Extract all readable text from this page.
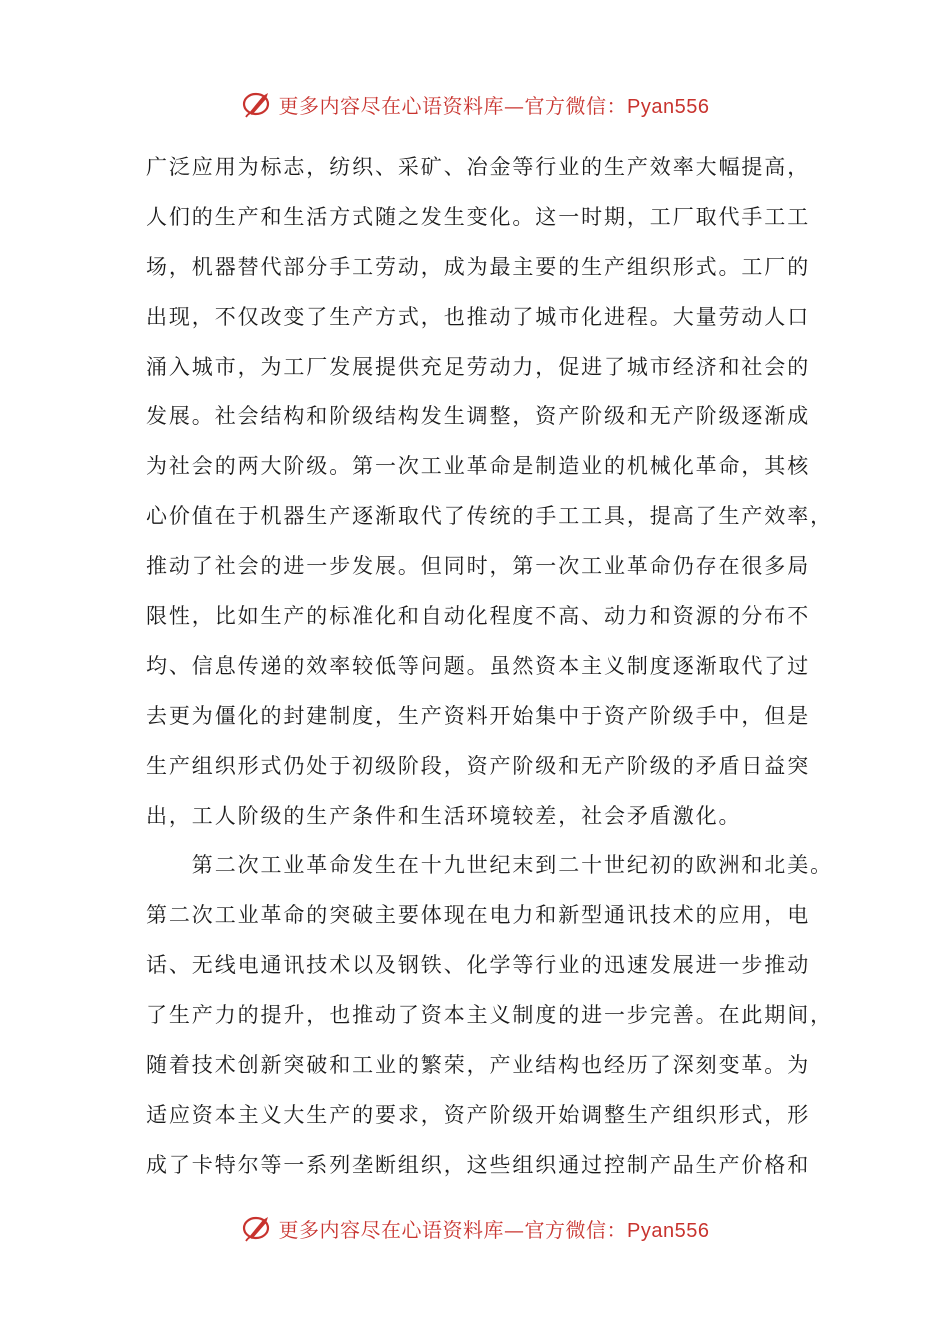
更多内容尽在心语资料库—官方微信：Pyan556
广泛应用为标志，纺织、采矿、冶金等行业的生产效率大幅提高，
人们的生产和生活方式随之发生变化。这一时期，工厂取代手工工
场，机器替代部分手工劳动，成为最主要的生产组织形式。工厂的
出现，不仅改变了生产方式，也推动了城市化进程。大量劳动人口
涌入城市，为工厂发展提供充足劳动力，促进了城市经济和社会的
发展。社会结构和阶级结构发生调整，资产阶级和无产阶级逐渐成
为社会的两大阶级。第一次工业革命是制造业的机械化革命，其核
心价值在于机器生产逐渐取代了传统的手工工具，提高了生产效率，
推动了社会的进一步发展。但同时，第一次工业革命仍存在很多局
限性，比如生产的标准化和自动化程度不高、动力和资源的分布不
均、信息传递的效率较低等问题。虽然资本主义制度逐渐取代了过
去更为僵化的封建制度，生产资料开始集中于资产阶级手中，但是
生产组织形式仍处于初级阶段，资产阶级和无产阶级的矛盾日益突
出，工人阶级的生产条件和生活环境较差，社会矛盾激化。
　　第二次工业革命发生在十九世纪末到二十世纪初的欧洲和北美。
第二次工业革命的突破主要体现在电力和新型通讯技术的应用，电
话、无线电通讯技术以及钢铁、化学等行业的迅速发展进一步推动
了生产力的提升，也推动了资本主义制度的进一步完善。在此期间，
随着技术创新突破和工业的繁荣，产业结构也经历了深刻变革。为
适应资本主义大生产的要求，资产阶级开始调整生产组织形式，形
成了卡特尔等一系列垄断组织，这些组织通过控制产品生产价格和
更多内容尽在心语资料库—官方微信：Pyan556
